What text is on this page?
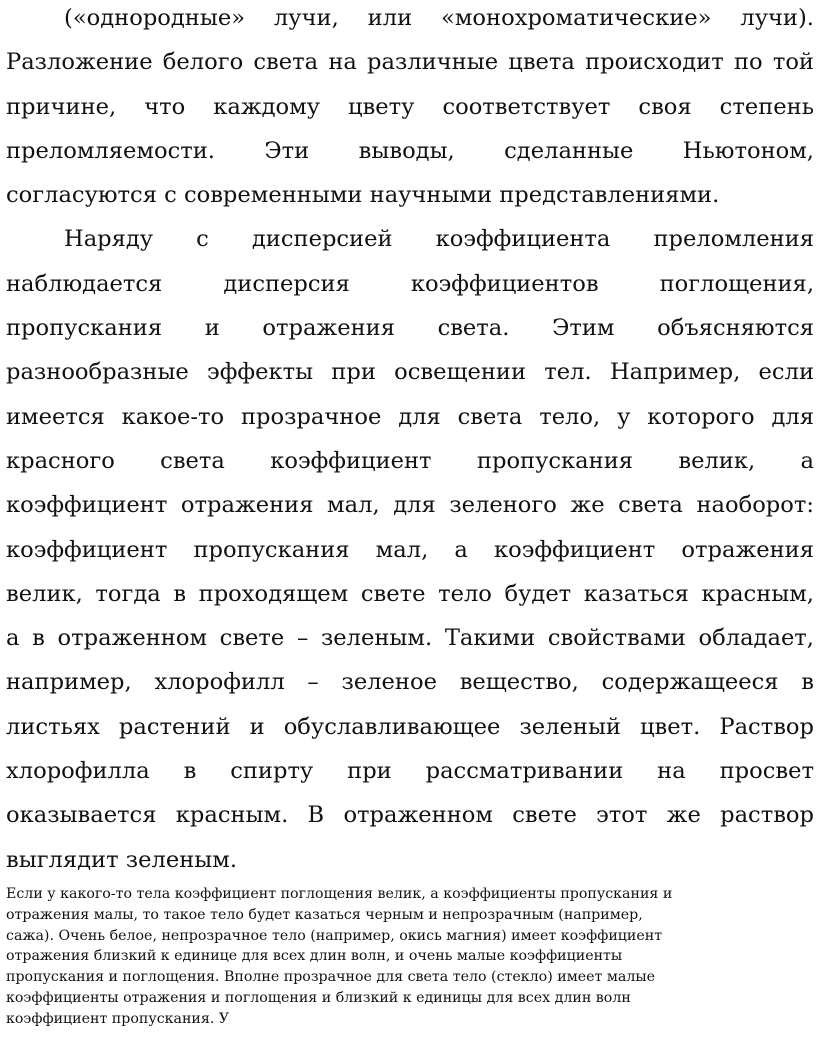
(«однородные» лучи, или «монохроматические» лучи).
Разложение белого света на различные цвета происходит по той
причине, что каждому цвету соответствует своя степень
преломляемости. Эти выводы, сделанные Ньютоном,
согласуются с современными научными представлениями.
Наряду с дисперсией коэффициента преломления
наблюдается дисперсия коэффициентов поглощения,
пропускания и отражения света. Этим объясняются
разнообразные эффекты при освещении тел. Например, если
имеется какое-то прозрачное для света тело, у которого для
красного света коэффициент пропускания велик, а
коэффициент отражения мал, для зеленого же света наоборот:
коэффициент пропускания мал, а коэффициент отражения
велик, тогда в проходящем свете тело будет казаться красным,
а в отраженном свете – зеленым. Такими свойствами обладает,
например, хлорофилл – зеленое вещество, содержащееся в
листьях растений и обуславливающее зеленый цвет. Раствор
хлорофилла в спирту при рассматривании на просвет
оказывается красным. В отраженном свете этот же раствор
выглядит зеленым.
Если у какого-то тела коэффициент поглощения велик, а коэффициенты пропускания и
отражения малы, то такое тело будет казаться черным и непрозрачным (например,
сажа). Очень белое, непрозрачное тело (например, окись магния) имеет коэффициент
отражения близкий к единице для всех длин волн, и очень малые коэффициенты
пропускания и поглощения. Вполне прозрачное для света тело (стекло) имеет малые
коэффициенты отражения и поглощения и близкий к единицы для всех длин волн
коэффициент пропускания. У
